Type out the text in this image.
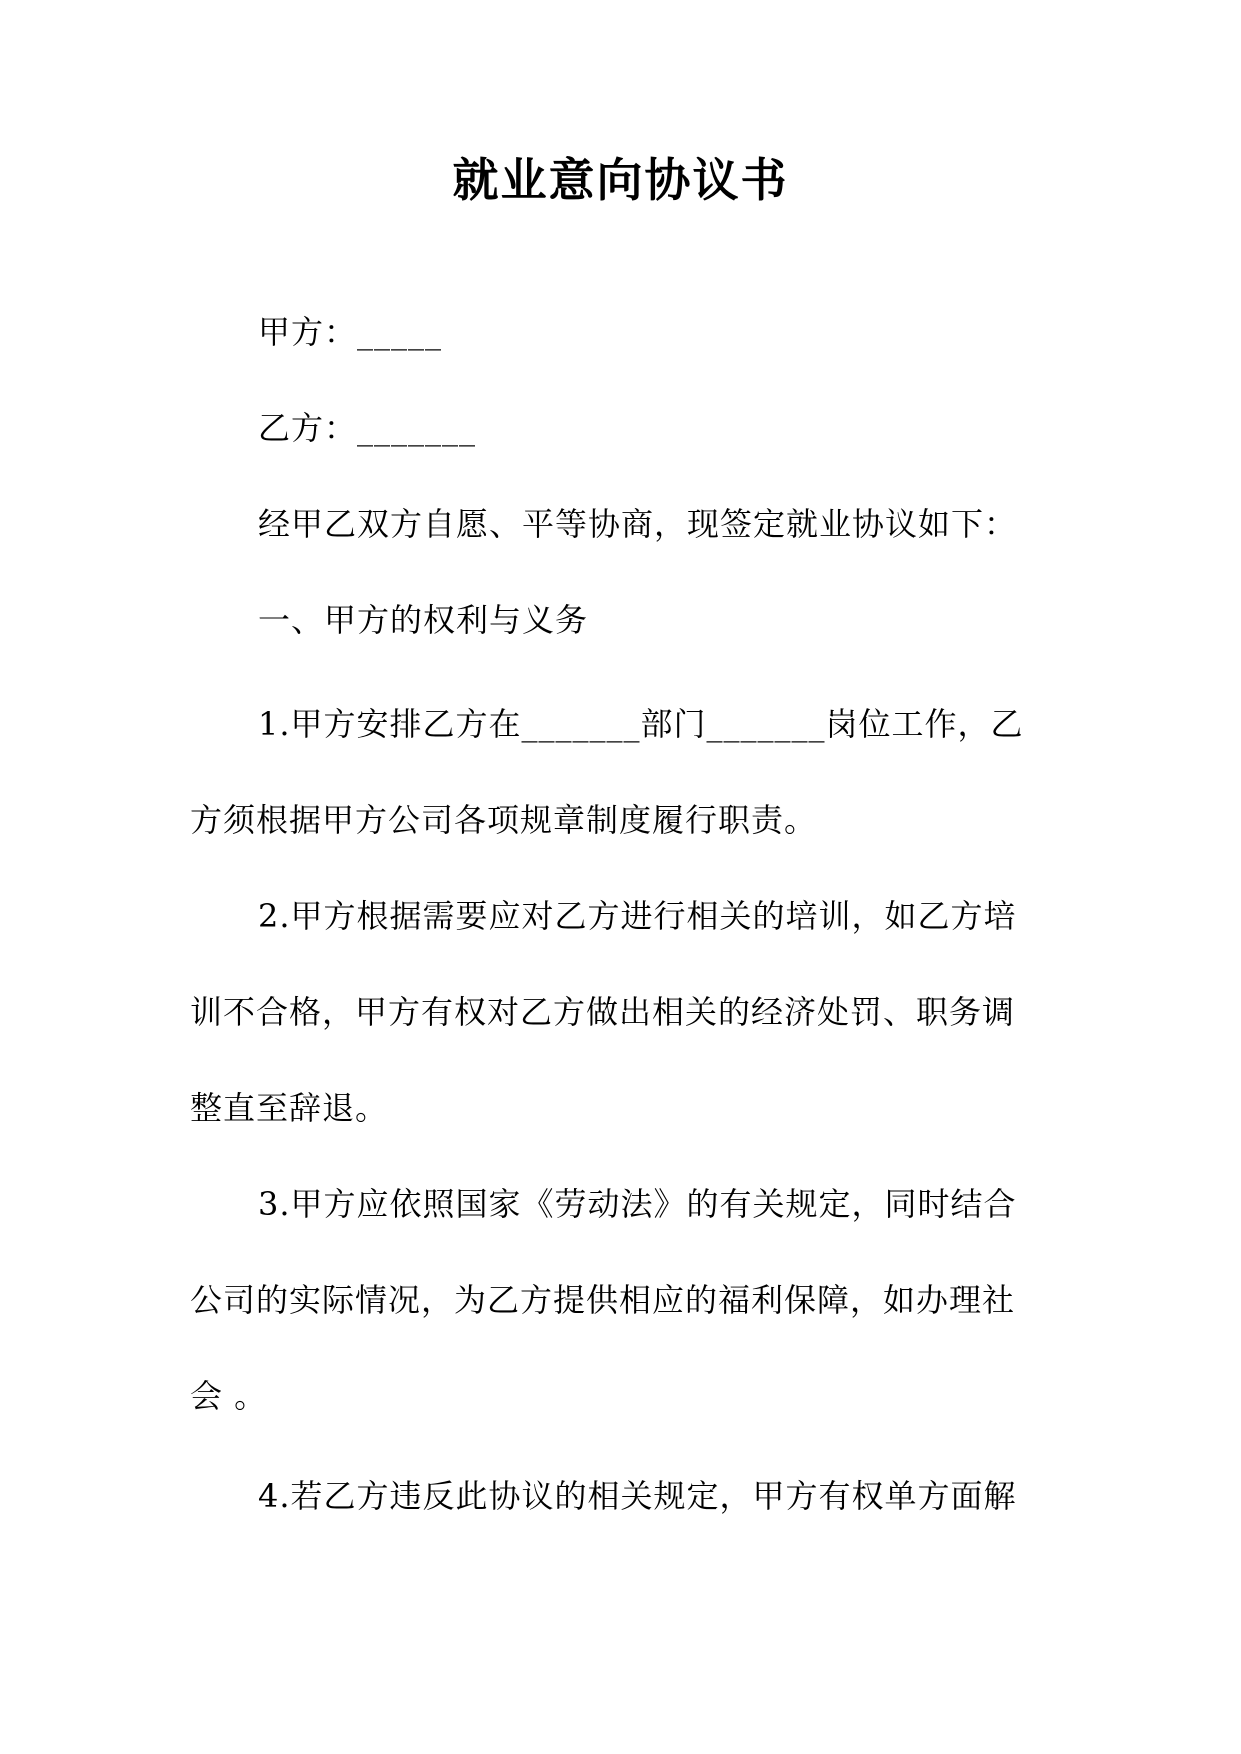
就业意向协议书
甲方：_____
乙方：_______
经甲乙双方自愿、平等协商，现签定就业协议如下：
一、甲方的权利与义务
1.甲方安排乙方在_______部门_______岗位工作，乙
方须根据甲方公司各项规章制度履行职责。
2.甲方根据需要应对乙方进行相关的培训，如乙方培
训不合格，甲方有权对乙方做出相关的经济处罚、职务调
整直至辞退。
3.甲方应依照国家《劳动法》的有关规定，同时结合
公司的实际情况，为乙方提供相应的福利保障，如办理社
会 。
4.若乙方违反此协议的相关规定，甲方有权单方面解
